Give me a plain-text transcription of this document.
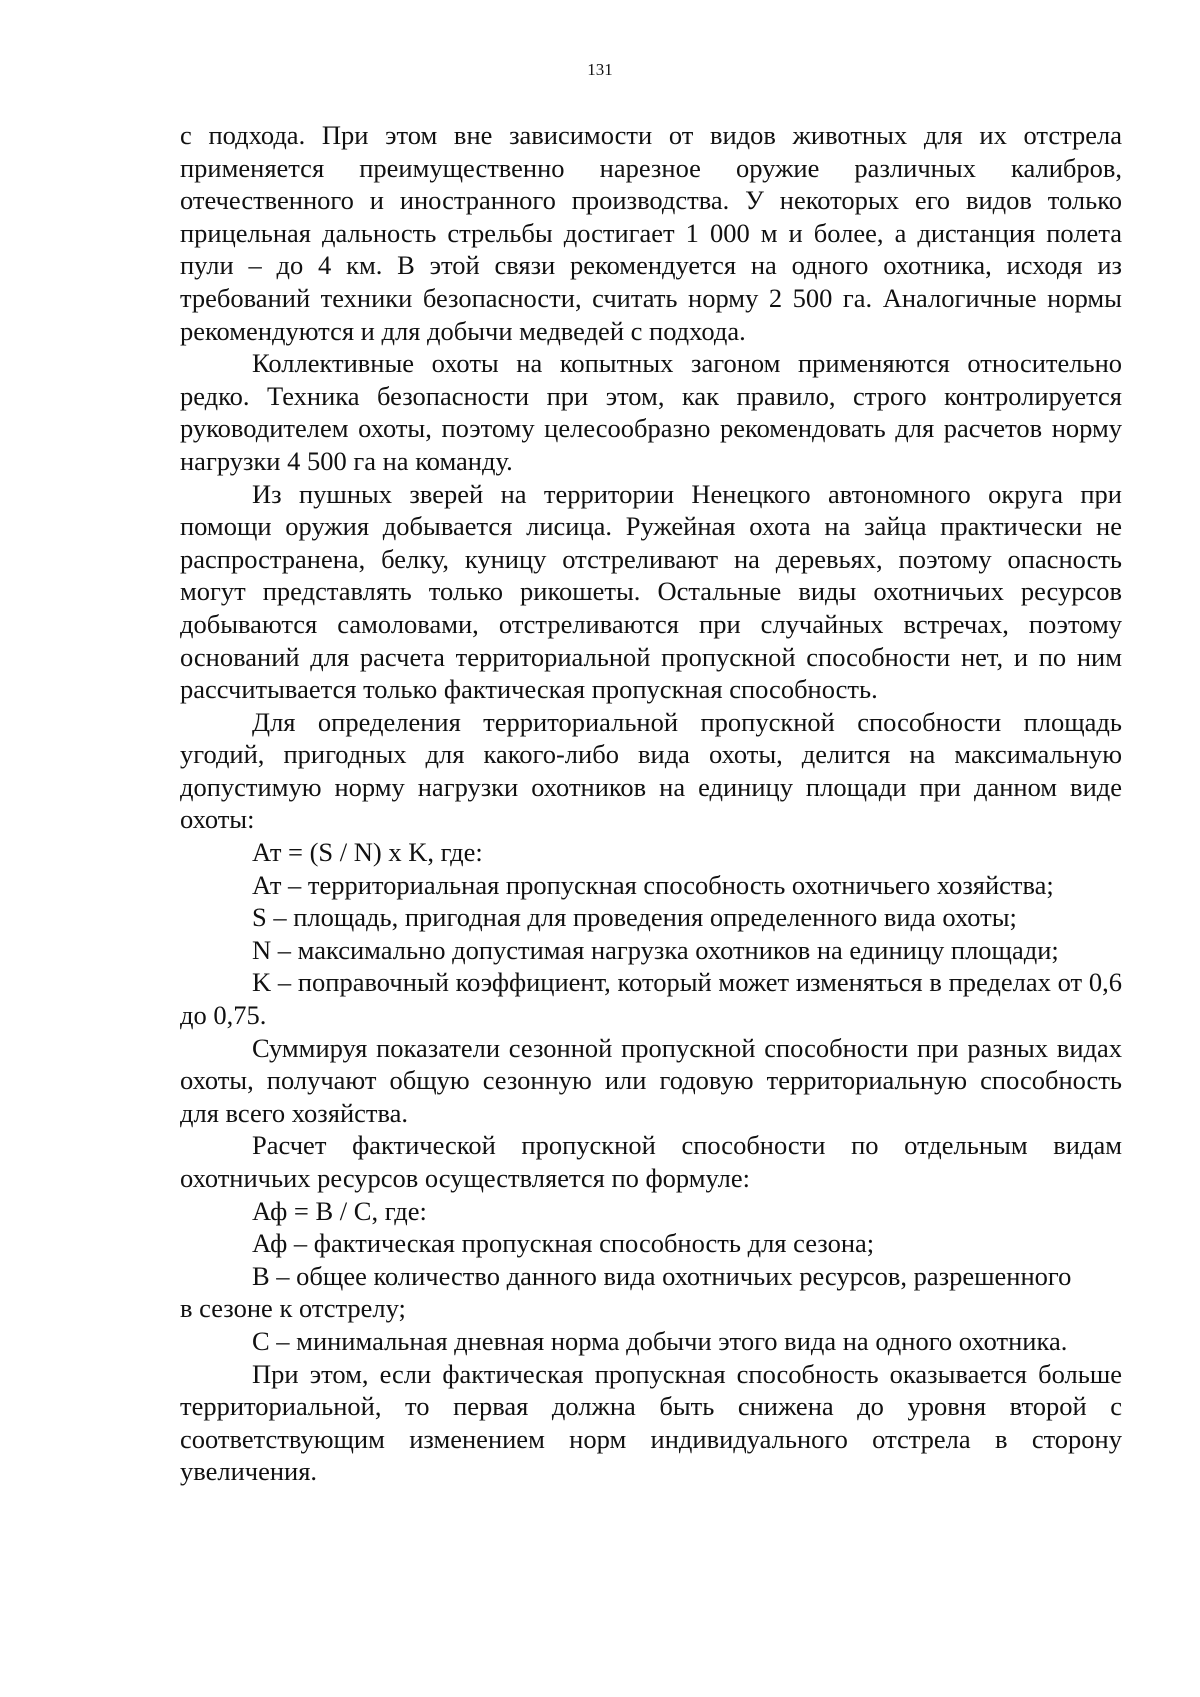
131

с подхода. При этом вне зависимости от видов животных для их отстрела применяется преимущественно нарезное оружие различных калибров, отечественного и иностранного производства. У некоторых его видов только прицельная дальность стрельбы достигает 1 000 м и более, а дистанция полета пули – до 4 км. В этой связи рекомендуется на одного охотника, исходя из требований техники безопасности, считать норму 2 500 га. Аналогичные нормы рекомендуются и для добычи медведей с подхода.

Коллективные охоты на копытных загоном применяются относительно редко. Техника безопасности при этом, как правило, строго контролируется руководителем охоты, поэтому целесообразно рекомендовать для расчетов норму нагрузки 4 500 га на команду.

Из пушных зверей на территории Ненецкого автономного округа при помощи оружия добывается лисица. Ружейная охота на зайца практически не распространена, белку, куницу отстреливают на деревьях, поэтому опасность могут представлять только рикошеты. Остальные виды охотничьих ресурсов добываются самоловами, отстреливаются при случайных встречах, поэтому оснований для расчета территориальной пропускной способности нет, и по ним рассчитывается только фактическая пропускная способность.

Для определения территориальной пропускной способности площадь угодий, пригодных для какого-либо вида охоты, делится на максимальную допустимую норму нагрузки охотников на единицу площади при данном виде охоты:

Ат = (S / N) x K, где:

Ат – территориальная пропускная способность охотничьего хозяйства;

S – площадь, пригодная для проведения определенного вида охоты;

N – максимально допустимая нагрузка охотников на единицу площади;

K – поправочный коэффициент, который может изменяться в пределах от 0,6 до 0,75.

Суммируя показатели сезонной пропускной способности при разных видах охоты, получают общую сезонную или годовую территориальную способность для всего хозяйства.

Расчет фактической пропускной способности по отдельным видам охотничьих ресурсов осуществляется по формуле:

Аф = В / С, где:

Аф – фактическая пропускная способность для сезона;

В – общее количество данного вида охотничьих ресурсов, разрешенного

в сезоне к отстрелу;

С – минимальная дневная норма добычи этого вида на одного охотника.

При этом, если фактическая пропускная способность оказывается больше территориальной, то первая должна быть снижена до уровня второй с соответствующим изменением норм индивидуального отстрела в сторону увеличения.
